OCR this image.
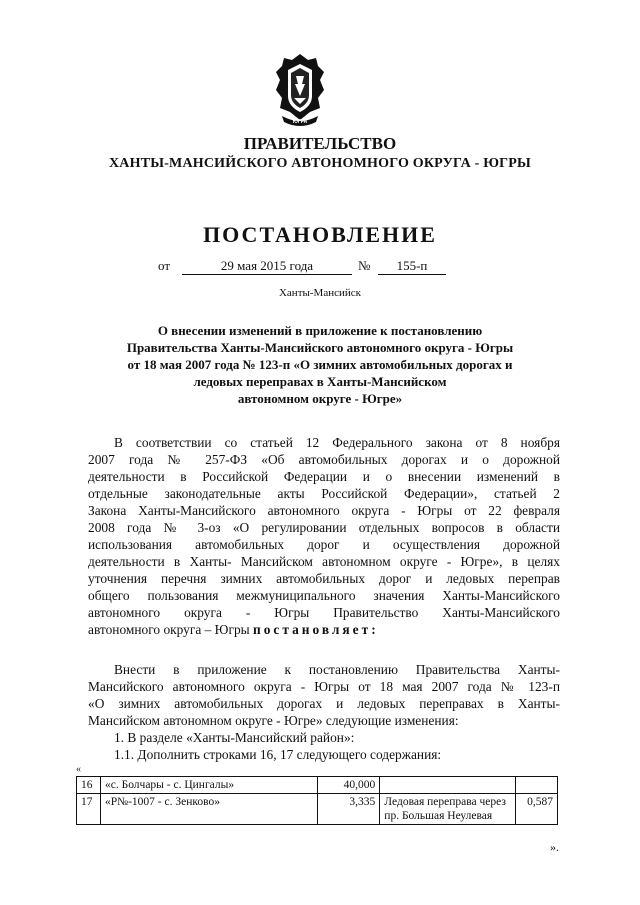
ЮГРА
ПРАВИТЕЛЬСТВО
ХАНТЫ-МАНСИЙСКОГО АВТОНОМНОГО ОКРУГА - ЮГРЫ
ПОСТАНОВЛЕНИЕ
от	29 мая 2015 года	№	155-п
Ханты-Мансийск
О внесении изменений в приложение к постановлению
Правительства Ханты-Мансийского автономного округа - Югры
от 18 мая 2007 года № 123-п «О зимних автомобильных дорогах и
ледовых переправах в Ханты-Мансийском
автономном округе - Югре»
В соответствии со статьей 12 Федерального закона от 8 ноября
2007 года № 257-ФЗ «Об автомобильных дорогах и о дорожной
деятельности в Российской Федерации и о внесении изменений в
отдельные законодательные акты Российской Федерации», статьей 2
Закона Ханты-Мансийского автономного округа - Югры от 22 февраля
2008 года № 3-оз «О регулировании отдельных вопросов в области
использования автомобильных дорог и осуществления дорожной
деятельности в Ханты- Мансийском автономном округе - Югре», в целях
уточнения перечня зимних автомобильных дорог и ледовых переправ
общего пользования межмуниципального значения Ханты-Мансийского
автономного округа - Югры Правительство Ханты-Мансийского
автономного округа – Югры постановляет:
Внести в приложение к постановлению Правительства Ханты-
Мансийского автономного округа - Югры от 18 мая 2007 года № 123-п
«О зимних автомобильных дорогах и ледовых переправах в Ханты-
Мансийском автономном округе - Югре» следующие изменения:
1. В разделе «Ханты-Мансийский район»:
1.1. Дополнить строками 16, 17 следующего содержания:
«
16	«с. Болчары - с. Цингалы»	40,000		
17	«Р№-1007 - с. Зенково»	3,335	Ледовая переправа через пр. Большая Неулевая	0,587
».
